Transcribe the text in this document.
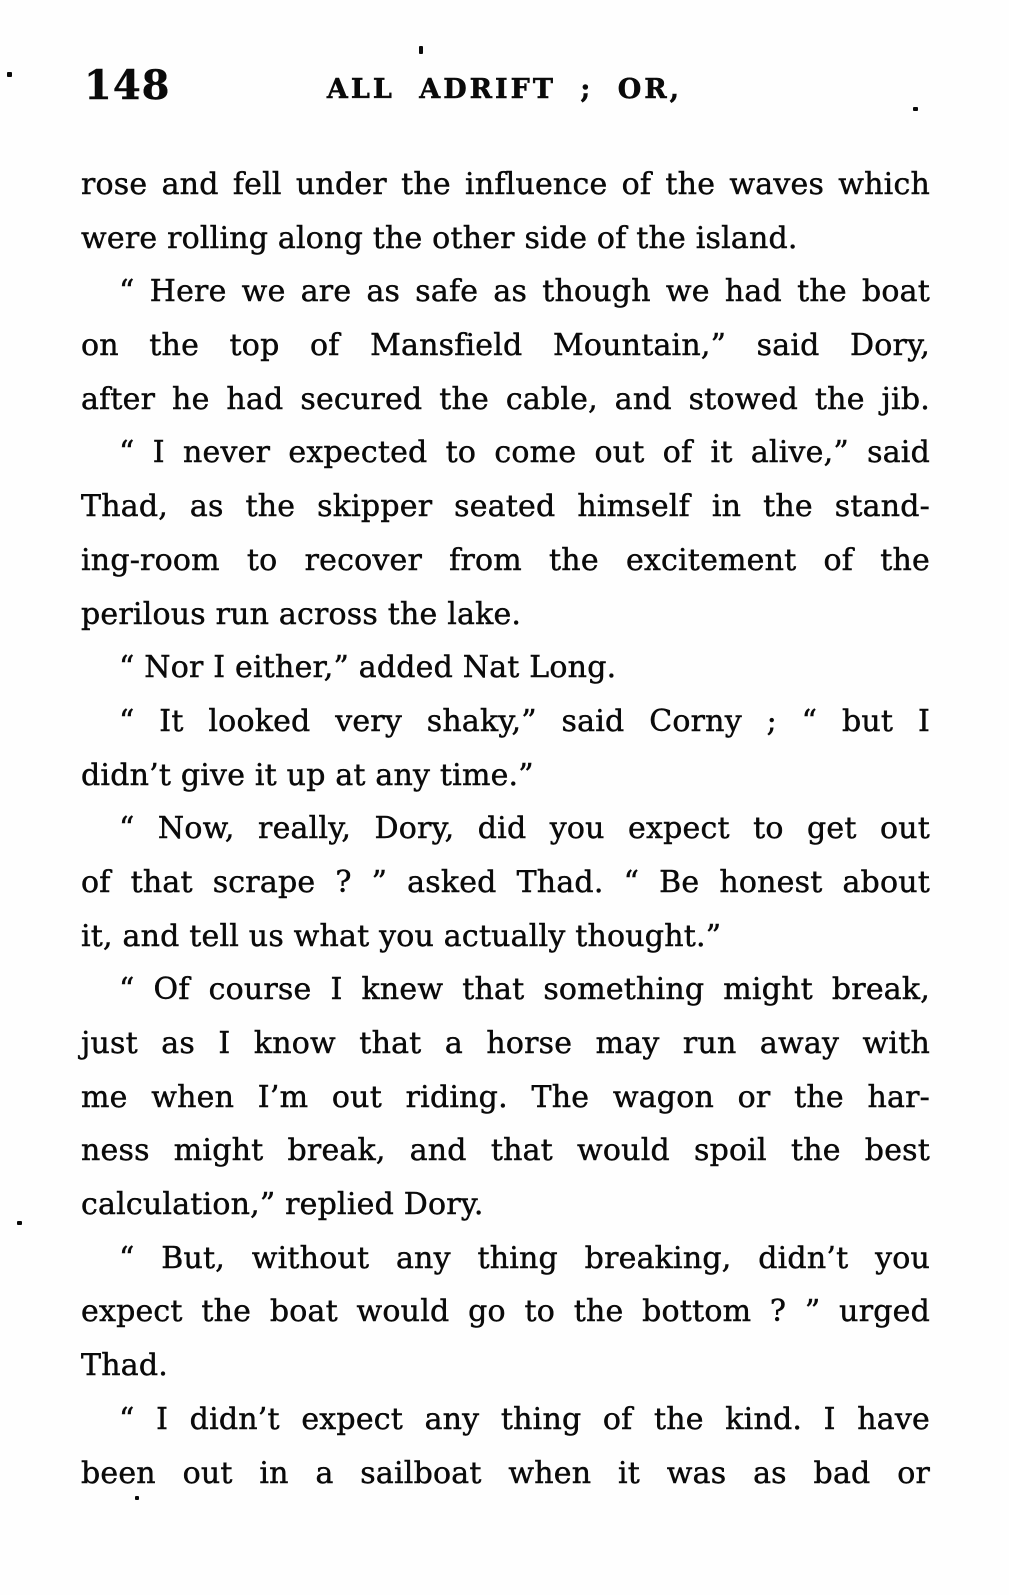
148	ALL ADRIFT ; OR,
rose and fell under the influence of the waves which
were rolling along the other side of the island.
“ Here we are as safe as though we had the boat
on the top of Mansfield Mountain,” said Dory,
after he had secured the cable, and stowed the jib.
“ I never expected to come out of it alive,” said
Thad, as the skipper seated himself in the stand-
ing-room to recover from the excitement of the
perilous run across the lake.
“ Nor I either,” added Nat Long.
“ It looked very shaky,” said Corny ; “ but I
didn’t give it up at any time.”
“ Now, really, Dory, did you expect to get out
of that scrape ? ” asked Thad. “ Be honest about
it, and tell us what you actually thought.”
“ Of course I knew that something might break,
just as I know that a horse may run away with
me when I’m out riding. The wagon or the har-
ness might break, and that would spoil the best
calculation,” replied Dory.
“ But, without any thing breaking, didn’t you
expect the boat would go to the bottom ? ” urged
Thad.
“ I didn’t expect any thing of the kind. I have
been out in a sailboat when it was as bad or
